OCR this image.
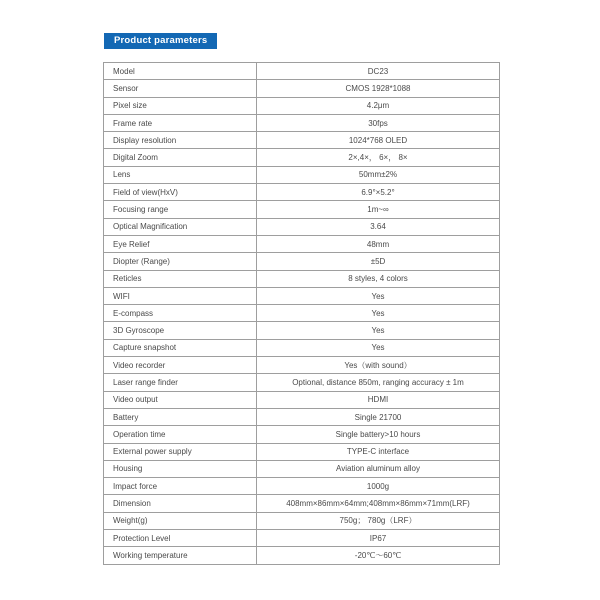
Product parameters
Model	DC23
Sensor	CMOS 1928*1088
Pixel size	4.2μm
Frame rate	30fps
Display resolution	1024*768 OLED
Digital Zoom	2×,4×， 6×， 8×
Lens	50mm±2%
Field of view(HxV)	6.9°×5.2°
Focusing range	1m~∞
Optical Magnification	3.64
Eye Relief	48mm
Diopter (Range)	±5D
Reticles	8 styles, 4 colors
WIFI	Yes
E-compass	Yes
3D Gyroscope	Yes
Capture snapshot	Yes
Video recorder	Yes（with sound）
Laser range finder	Optional, distance 850m, ranging accuracy ± 1m
Video output	HDMI
Battery	Single 21700
Operation time	Single battery>10 hours
External power supply	TYPE-C interface
Housing	Aviation aluminum alloy
Impact force	1000g
Dimension	408mm×86mm×64mm;408mm×86mm×71mm(LRF)
Weight(g)	750g； 780g（LRF）
Protection Level	IP67
Working temperature	-20℃～60℃
